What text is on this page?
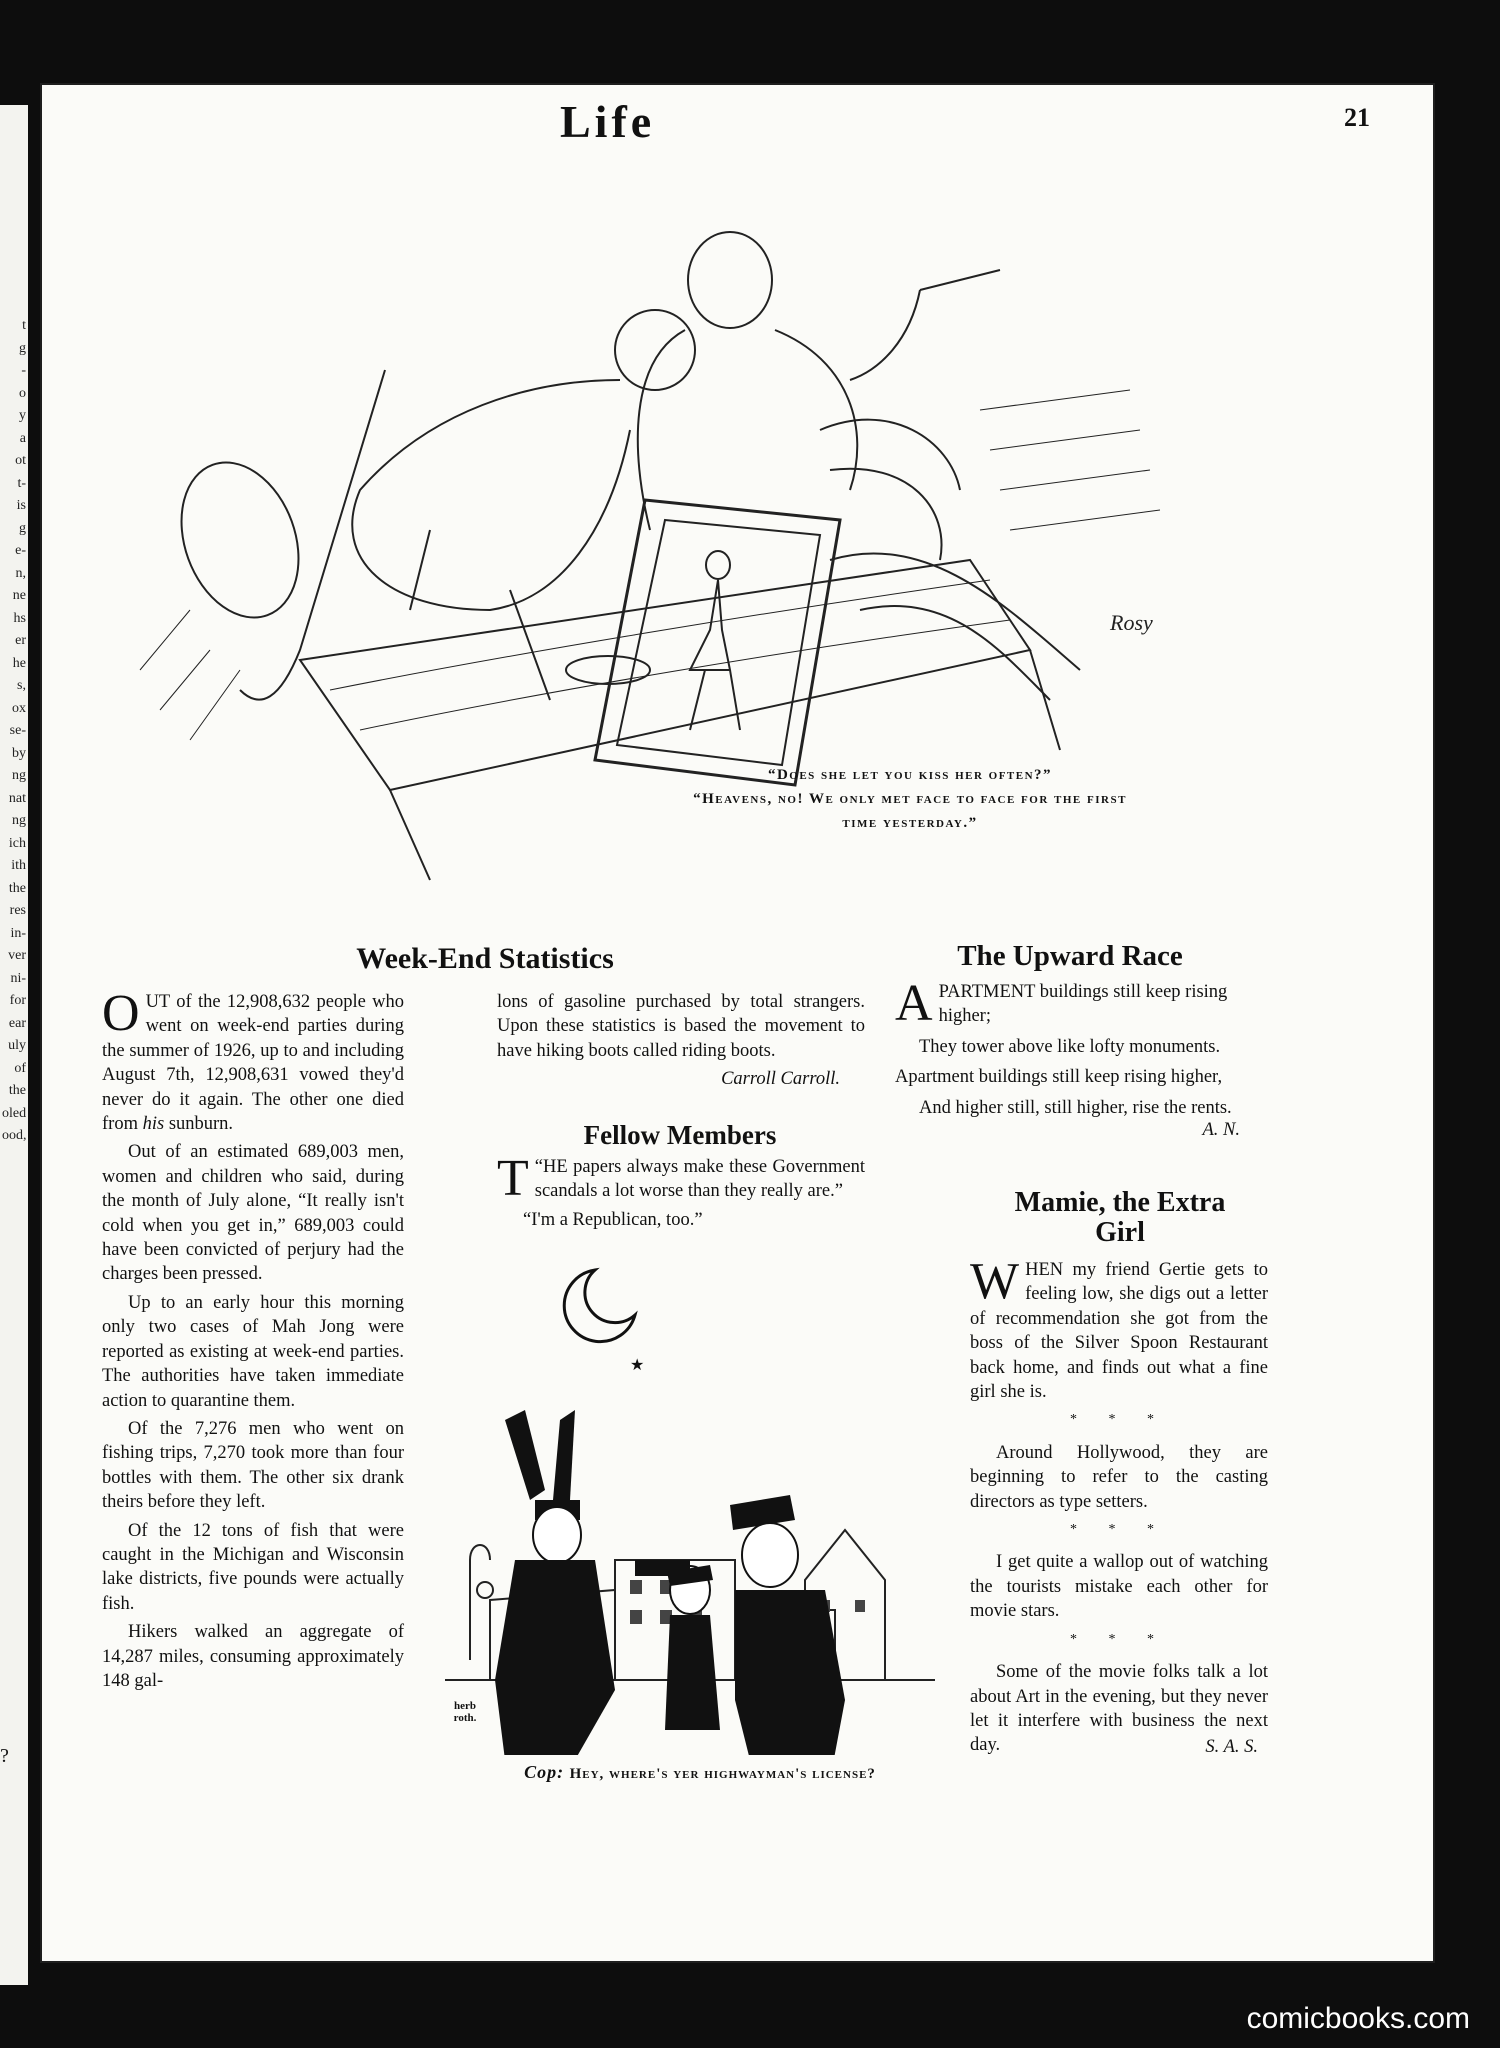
t
g
-
o
y
a
ot
t-
is
g
e-
n,
ne
hs
er
he
s,
ox
se-
by
ng
nat
ng
ich
ith
the
res
in-
ver
ni-
for
ear
uly
of
the
oled
ood,
?
Life	21
Rosy
“Does she let you kiss her often?”
“Heavens, no! We only met face to face for the first
time yesterday.”
Week-End Statistics

OUT of the 12,908,632 people who went on week-end parties during the summer of 1926, up to and including August 7th, 12,908,631 vowed they'd never do it again. The other one died from his sunburn.

Out of an estimated 689,003 men, women and children who said, during the month of July alone, “It really isn't cold when you get in,” 689,003 could have been convicted of perjury had the charges been pressed.

Up to an early hour this morning only two cases of Mah Jong were reported as existing at week-end parties. The authorities have taken immediate action to quarantine them.

Of the 7,276 men who went on fishing trips, 7,270 took more than four bottles with them. The other six drank theirs before they left.

Of the 12 tons of fish that were caught in the Michigan and Wisconsin lake districts, five pounds were actually fish.

Hikers walked an aggregate of 14,287 miles, consuming approximately 148 gal-

lons of gasoline purchased by total strangers. Upon these statistics is based the movement to have hiking boots called riding boots.

Carroll Carroll.
Fellow Members

“
T HE papers always make these Government scandals a lot worse than they really are.”

“I'm a Republican, too.”

★
herb roth.
Cop: Hey, where's yer highwayman's license?
The Upward Race

APARTMENT buildings still keep rising higher;

They tower above like lofty monuments.

Apartment buildings still keep rising higher,

And higher still, still higher, rise the rents.

A. N.
Mamie, the Extra
Girl

WHEN my friend Gertie gets to feeling low, she digs out a letter of recommendation she got from the boss of the Silver Spoon Restaurant back home, and finds out what a fine girl she is.

* * *

Around Hollywood, they are beginning to refer to the casting directors as type setters.

* * *

I get quite a wallop out of watching the tourists mistake each other for movie stars.

* * *

Some of the movie folks talk a lot about Art in the evening, but they never let it interfere with business the next day.	S. A. S.
comicbooks.com
